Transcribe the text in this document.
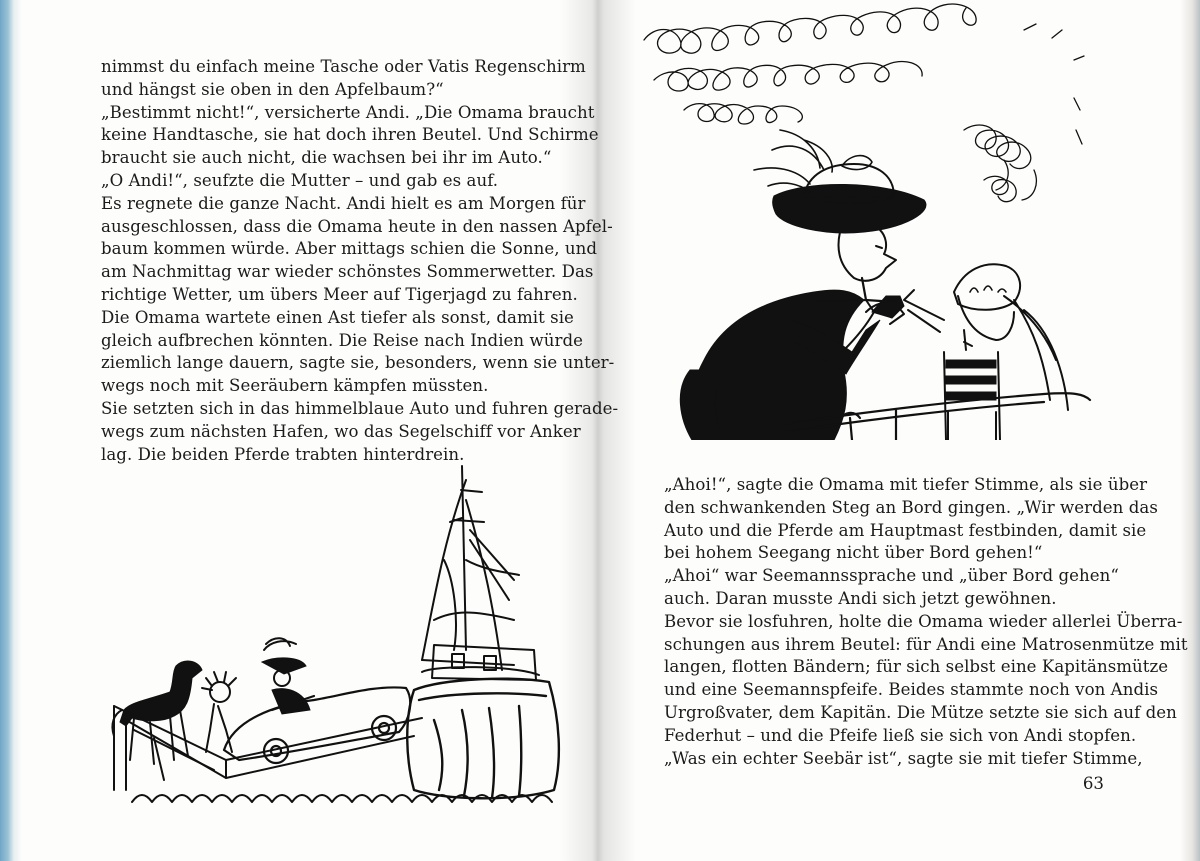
nimmst du einfach meine Tasche oder Vatis Regenschirm

und hängst sie oben in den Apfelbaum?“

„Bestimmt nicht!“, versicherte Andi. „Die Omama braucht

keine Handtasche, sie hat doch ihren Beutel. Und Schirme

braucht sie auch nicht, die wachsen bei ihr im Auto.“

„O Andi!“, seufzte die Mutter – und gab es auf.

Es regnete die ganze Nacht. Andi hielt es am Morgen für

ausgeschlossen, dass die Omama heute in den nassen Apfel-

baum kommen würde. Aber mittags schien die Sonne, und

am Nachmittag war wieder schönstes Sommerwetter. Das

richtige Wetter, um übers Meer auf Tigerjagd zu fahren.

Die Omama wartete einen Ast tiefer als sonst, damit sie

gleich aufbrechen könnten. Die Reise nach Indien würde

ziemlich lange dauern, sagte sie, besonders, wenn sie unter-

wegs noch mit Seeräubern kämpfen müssten.

Sie setzten sich in das himmelblaue Auto und fuhren gerade-

wegs zum nächsten Hafen, wo das Segelschiff vor Anker

lag. Die beiden Pferde trabten hinterdrein.

„Ahoi!“, sagte die Omama mit tiefer Stimme, als sie über

den schwankenden Steg an Bord gingen. „Wir werden das

Auto und die Pferde am Hauptmast festbinden, damit sie

bei hohem Seegang nicht über Bord gehen!“

„Ahoi“ war Seemannssprache und „über Bord gehen“

auch. Daran musste Andi sich jetzt gewöhnen.

Bevor sie losfuhren, holte die Omama wieder allerlei Überra-

schungen aus ihrem Beutel: für Andi eine Matrosenmütze mit

langen, flotten Bändern; für sich selbst eine Kapitänsmütze

und eine Seemannspfeife. Beides stammte noch von Andis

Urgroßvater, dem Kapitän. Die Mütze setzte sie sich auf den

Federhut – und die Pfeife ließ sie sich von Andi stopfen.

„Was ein echter Seebär ist“, sagte sie mit tiefer Stimme,

63
